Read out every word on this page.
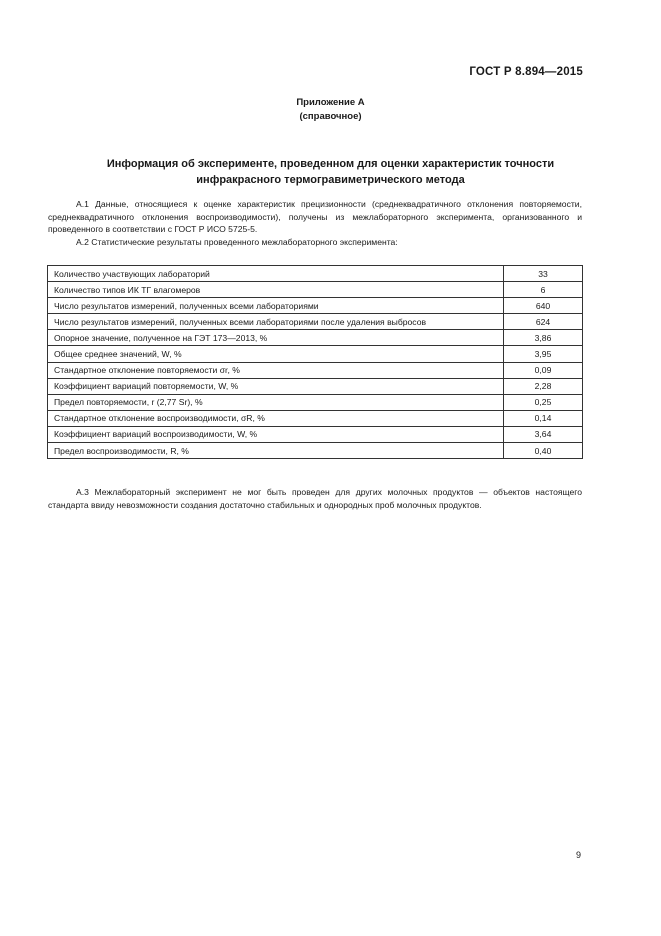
ГОСТ Р 8.894—2015
Приложение А
(справочное)
Информация об эксперименте, проведенном для оценки характеристик точности
инфракрасного термогравиметрического метода
А.1 Данные, относящиеся к оценке характеристик прецизионности (среднеквадратичного отклонения повторяемости, среднеквадратичного отклонения воспроизводимости), получены из межлабораторного эксперимента, организованного и проведенного в соответствии с ГОСТ Р ИСО 5725-5.
А.2 Статистические результаты проведенного межлабораторного эксперимента:
Количество участвующих лабораторий	33
Количество типов ИК ТГ влагомеров	6
Число результатов измерений, полученных всеми лабораториями	640
Число результатов измерений, полученных всеми лабораториями после удаления выбросов	624
Опорное значение, полученное на ГЭТ 173—2013, %	3,86
Общее среднее значений, W, %	3,95
Стандартное отклонение повторяемости σr, %	0,09
Коэффициент вариаций повторяемости, W, %	2,28
Предел повторяемости, r (2,77 Sr), %	0,25
Стандартное отклонение воспроизводимости, σR, %	0,14
Коэффициент вариаций воспроизводимости, W, %	3,64
Предел воспроизводимости, R, %	0,40
А.3 Межлабораторный эксперимент не мог быть проведен для других молочных продуктов — объектов настоящего стандарта ввиду невозможности создания достаточно стабильных и однородных проб молочных продуктов.
9
